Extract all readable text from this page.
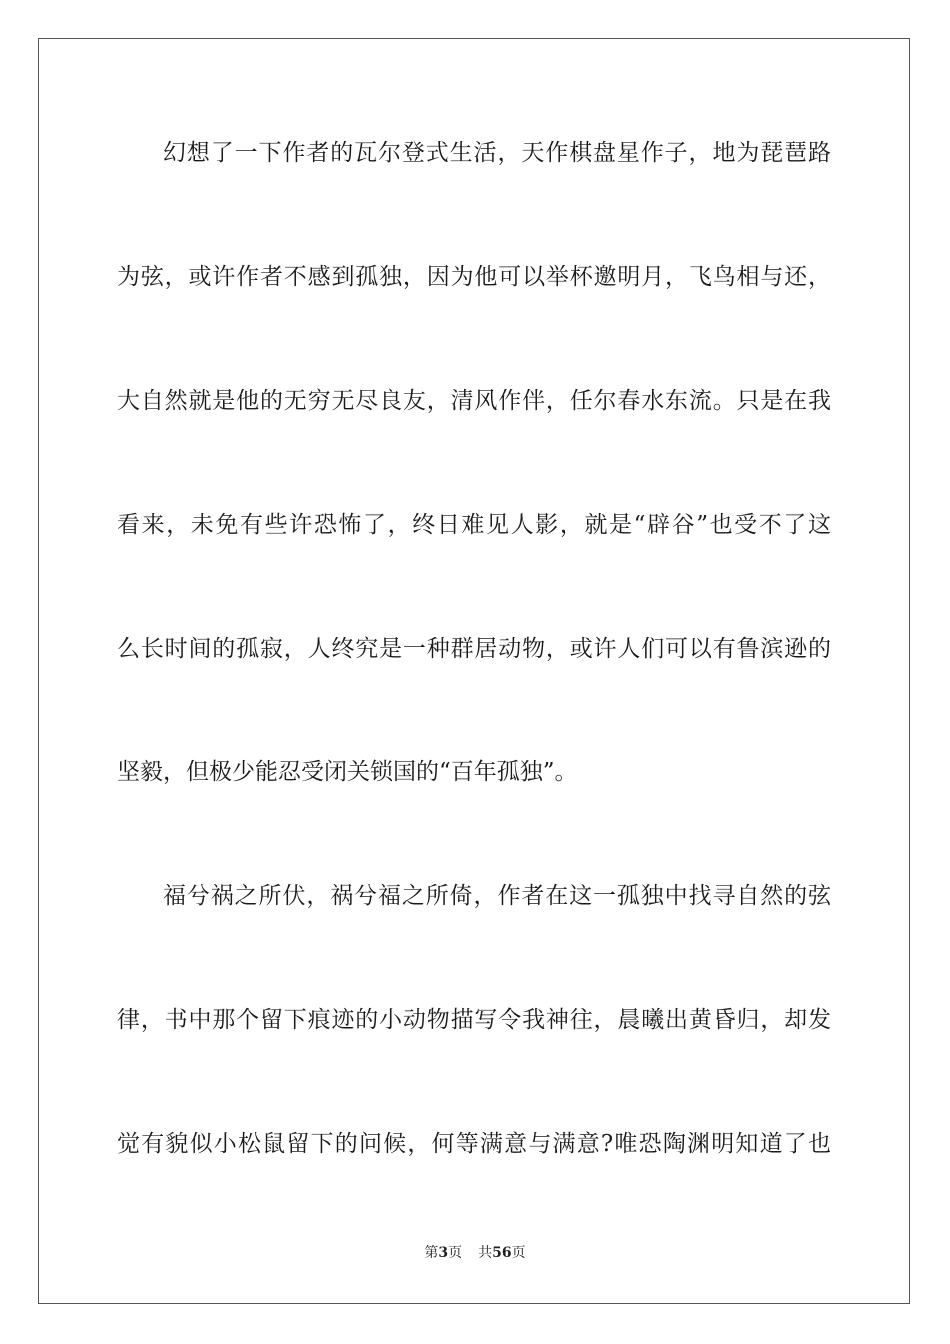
幻想了一下作者的瓦尔登式生活，天作棋盘星作子，地为琵琶路
为弦，或许作者不感到孤独，因为他可以举杯邀明月，飞鸟相与还，
大自然就是他的无穷无尽良友，清风作伴，任尔春水东流。只是在我
看来，未免有些许恐怖了，终日难见人影，就是“辟谷”也受不了这
么长时间的孤寂，人终究是一种群居动物，或许人们可以有鲁滨逊的
坚毅，但极少能忍受闭关锁国的“百年孤独”。
福兮祸之所伏，祸兮福之所倚，作者在这一孤独中找寻自然的弦
律，书中那个留下痕迹的小动物描写令我神往，晨曦出黄昏归，却发
觉有貌似小松鼠留下的问候，何等满意与满意?唯恐陶渊明知道了也
第3页 共56页
